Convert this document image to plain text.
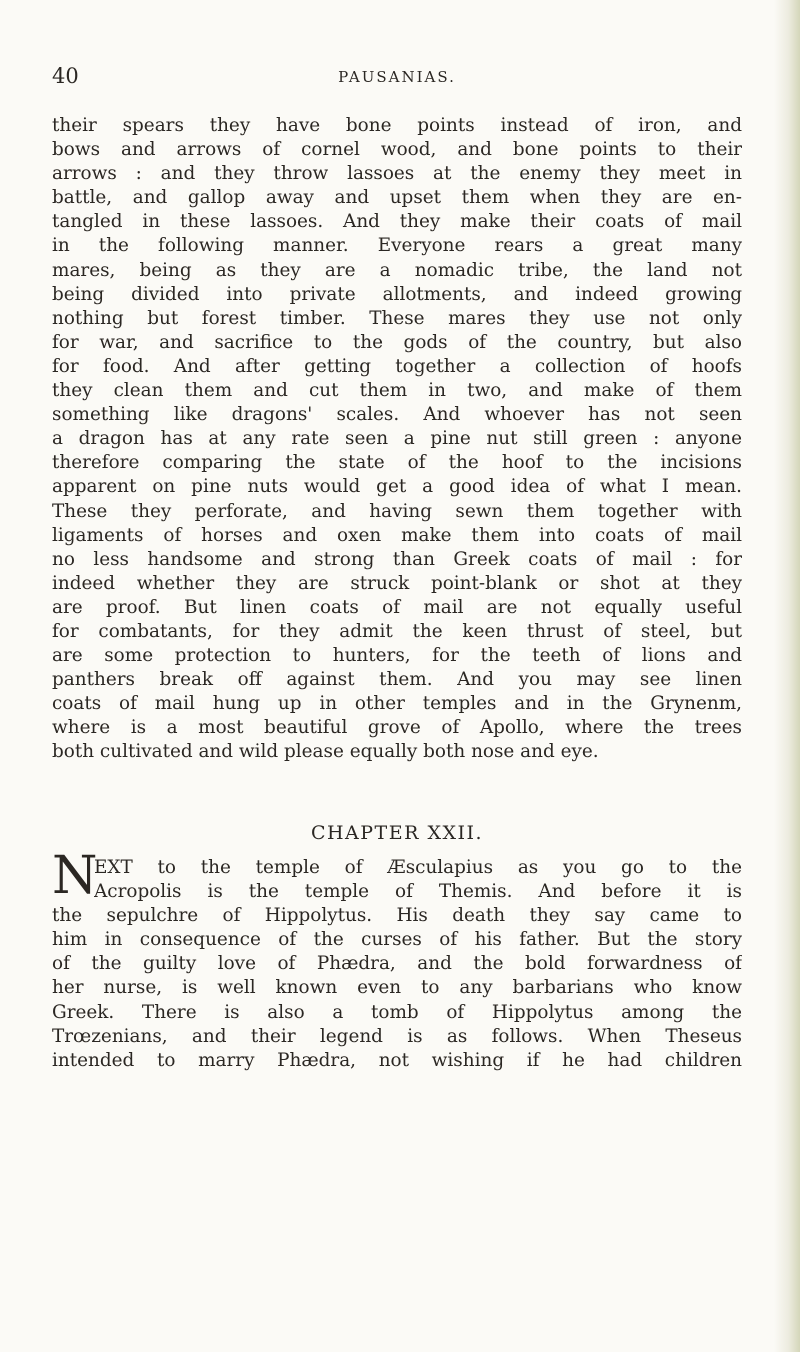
40	PAUSANIAS.
their spears they have bone points instead of iron, and
bows and arrows of cornel wood, and bone points to their
arrows : and they throw lassoes at the enemy they meet in
battle, and gallop away and upset them when they are en-
tangled in these lassoes. And they make their coats of mail
in the following manner. Everyone rears a great many
mares, being as they are a nomadic tribe, the land not
being divided into private allotments, and indeed growing
nothing but forest timber. These mares they use not only
for war, and sacrifice to the gods of the country, but also
for food. And after getting together a collection of hoofs
they clean them and cut them in two, and make of them
something like dragons' scales. And whoever has not seen
a dragon has at any rate seen a pine nut still green : anyone
therefore comparing the state of the hoof to the incisions
apparent on pine nuts would get a good idea of what I mean.
These they perforate, and having sewn them together with
ligaments of horses and oxen make them into coats of mail
no less handsome and strong than Greek coats of mail : for
indeed whether they are struck point-blank or shot at they
are proof. But linen coats of mail are not equally useful
for combatants, for they admit the keen thrust of steel, but
are some protection to hunters, for the teeth of lions and
panthers break off against them. And you may see linen
coats of mail hung up in other temples and in the Grynenm,
where is a most beautiful grove of Apollo, where the trees
both cultivated and wild please equally both nose and eye.
CHAPTER XXII.
N
EXT to the temple of Æsculapius as you go to the
Acropolis is the temple of Themis. And before it is
the sepulchre of Hippolytus. His death they say came to
him in consequence of the curses of his father. But the story
of the guilty love of Phædra, and the bold forwardness of
her nurse, is well known even to any barbarians who know
Greek. There is also a tomb of Hippolytus among the
Trœzenians, and their legend is as follows. When Theseus
intended to marry Phædra, not wishing if he had children
